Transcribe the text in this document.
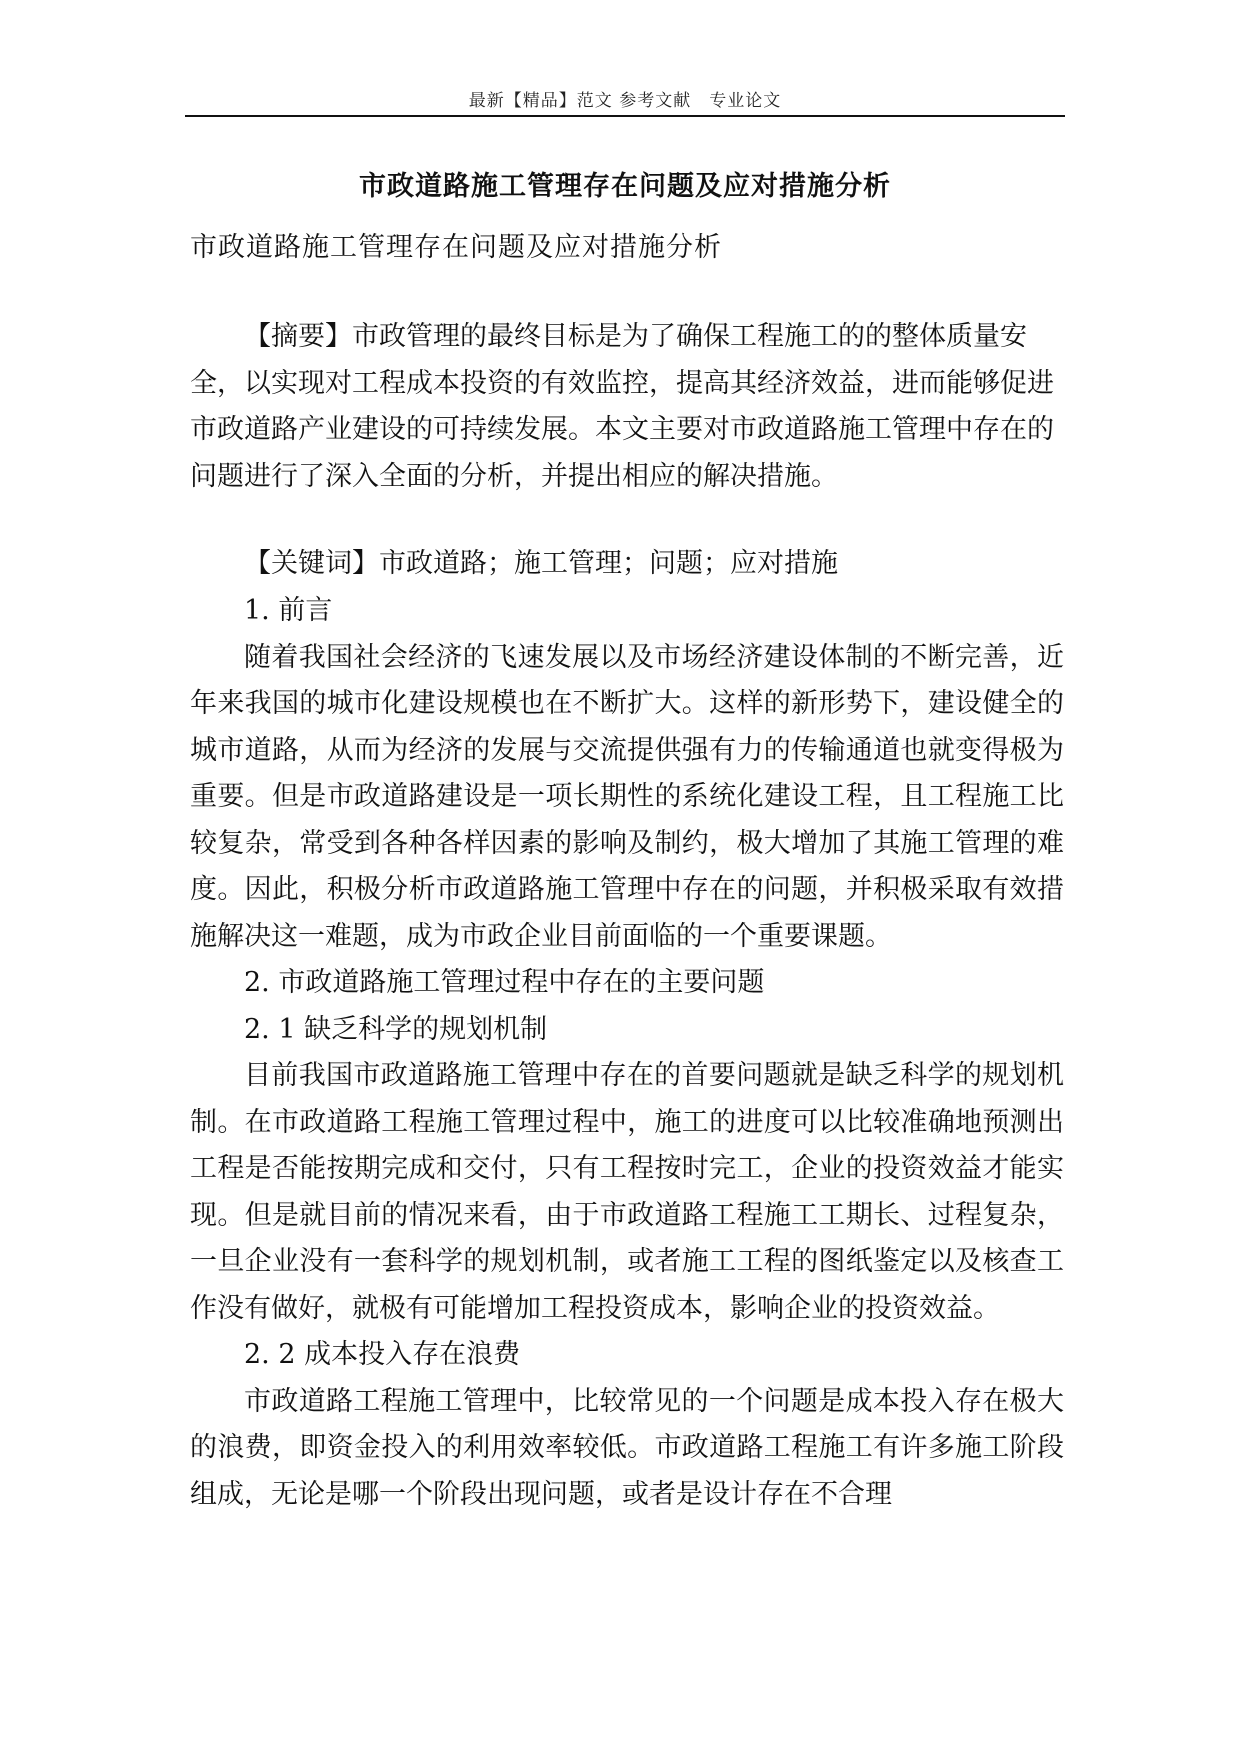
最新【精品】范文 参考文献　专业论文
市政道路施工管理存在问题及应对措施分析
市政道路施工管理存在问题及应对措施分析

【摘要】市政管理的最终目标是为了确保工程施工的的整体质量安全，以实现对工程成本投资的有效监控，提高其经济效益，进而能够促进市政道路产业建设的可持续发展。本文主要对市政道路施工管理中存在的问题进行了深入全面的分析，并提出相应的解决措施。

【关键词】市政道路；施工管理；问题；应对措施

1. 前言

随着我国社会经济的飞速发展以及市场经济建设体制的不断完善，近年来我国的城市化建设规模也在不断扩大。这样的新形势下，建设健全的城市道路，从而为经济的发展与交流提供强有力的传输通道也就变得极为重要。但是市政道路建设是一项长期性的系统化建设工程，且工程施工比较复杂，常受到各种各样因素的影响及制约，极大增加了其施工管理的难度。因此，积极分析市政道路施工管理中存在的问题，并积极采取有效措施解决这一难题，成为市政企业目前面临的一个重要课题。

2. 市政道路施工管理过程中存在的主要问题

2. 1 缺乏科学的规划机制

目前我国市政道路施工管理中存在的首要问题就是缺乏科学的规划机制。在市政道路工程施工管理过程中，施工的进度可以比较准确地预测出工程是否能按期完成和交付，只有工程按时完工，企业的投资效益才能实现。但是就目前的情况来看，由于市政道路工程施工工期长、过程复杂，一旦企业没有一套科学的规划机制，或者施工工程的图纸鉴定以及核查工作没有做好，就极有可能增加工程投资成本，影响企业的投资效益。

2. 2 成本投入存在浪费

市政道路工程施工管理中，比较常见的一个问题是成本投入存在极大的浪费，即资金投入的利用效率较低。市政道路工程施工有许多施工阶段组成，无论是哪一个阶段出现问题，或者是设计存在不合理
